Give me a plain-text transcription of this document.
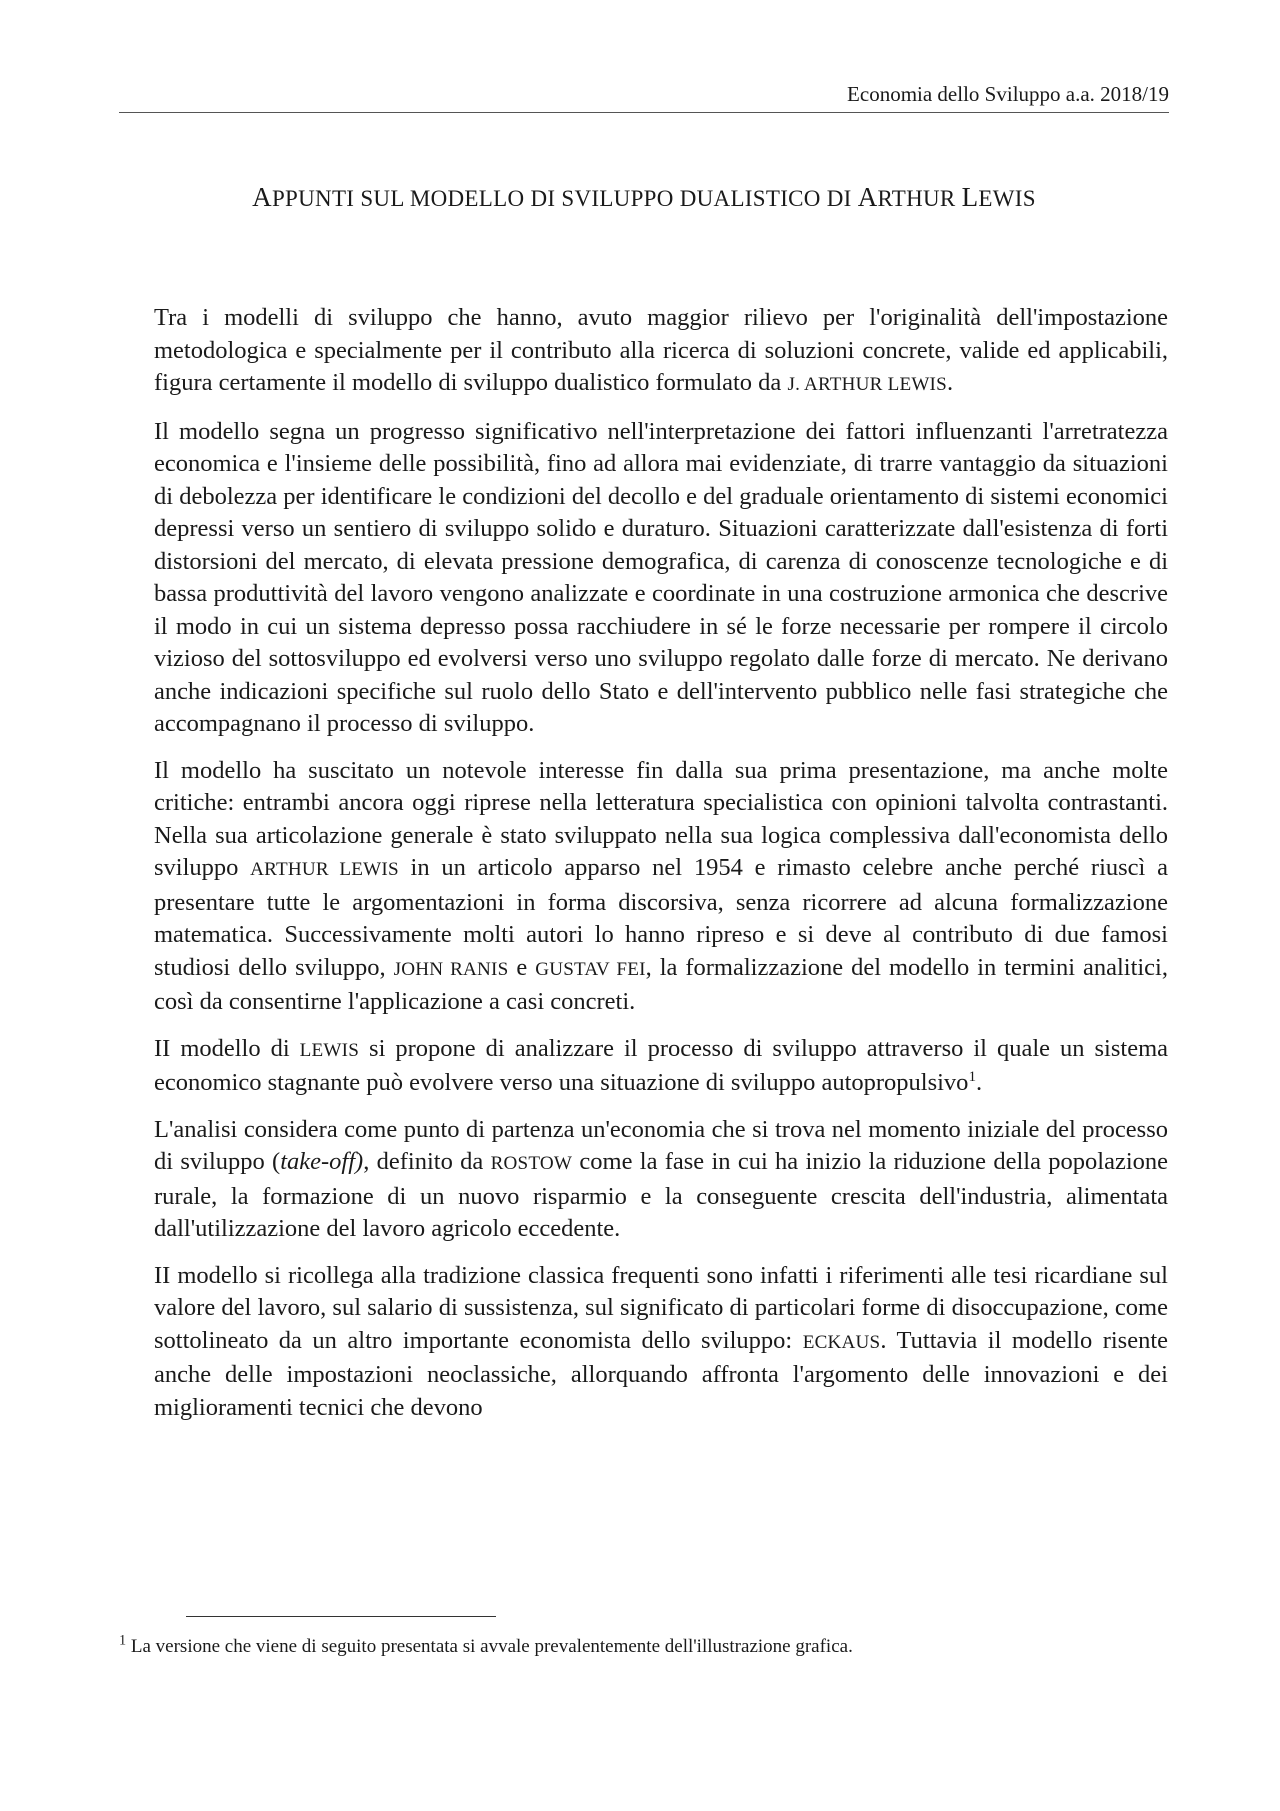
Economia dello Sviluppo a.a. 2018/19
APPUNTI SUL MODELLO DI SVILUPPO DUALISTICO DI ARTHUR LEWIS

Tra i modelli di sviluppo che hanno, avuto maggior rilievo per l'originalità dell'impostazione metodologica e specialmente per il contributo alla ricerca di soluzioni concrete, valide ed applicabili, figura certamente il modello di sviluppo dualistico formulato da J. ARTHUR LEWIS.

Il modello segna un progresso significativo nell'interpretazione dei fattori influenzanti l'arretratezza economica e l'insieme delle possibilità, fino ad allora mai evidenziate, di trarre vantaggio da situazioni di debolezza per identificare le condizioni del decollo e del graduale orientamento di sistemi economici depressi verso un sentiero di sviluppo solido e duraturo. Situazioni caratterizzate dall'esistenza di forti distorsioni del mercato, di elevata pressione demografica, di carenza di conoscenze tecnologiche e di bassa produttività del lavoro vengono analizzate e coordinate in una costruzione armonica che descrive il modo in cui un sistema depresso possa racchiudere in sé le forze necessarie per rompere il circolo vizioso del sottosviluppo ed evolversi verso uno sviluppo regolato dalle forze di mercato. Ne derivano anche indicazioni specifiche sul ruolo dello Stato e dell'intervento pubblico nelle fasi strategiche che accompagnano il processo di sviluppo.

Il modello ha suscitato un notevole interesse fin dalla sua prima presentazione, ma anche molte critiche: entrambi ancora oggi riprese nella letteratura specialistica con opinioni talvolta contrastanti. Nella sua articolazione generale è stato sviluppato nella sua logica complessiva dall'economista dello sviluppo ARTHUR LEWIS in un articolo apparso nel 1954 e rimasto celebre anche perché riuscì a presentare tutte le argomentazioni in forma discorsiva, senza ricorrere ad alcuna formalizzazione matematica. Successivamente molti autori lo hanno ripreso e si deve al contributo di due famosi studiosi dello sviluppo, JOHN RANIS e GUSTAV FEI, la formalizzazione del modello in termini analitici, così da consentirne l'applicazione a casi concreti.

II modello di LEWIS si propone di analizzare il processo di sviluppo attraverso il quale un sistema economico stagnante può evolvere verso una situazione di sviluppo autopropulsivo$^1$.

L'analisi considera come punto di partenza un'economia che si trova nel momento iniziale del processo di sviluppo (take-off), definito da ROSTOW come la fase in cui ha inizio la riduzione della popolazione rurale, la formazione di un nuovo risparmio e la conseguente crescita dell'industria, alimentata dall'utilizzazione del lavoro agricolo eccedente.

II modello si ricollega alla tradizione classica frequenti sono infatti i riferimenti alle tesi ricardiane sul valore del lavoro, sul salario di sussistenza, sul significato di particolari forme di disoccupazione, come sottolineato da un altro importante economista dello sviluppo: ECKAUS. Tuttavia il modello risente anche delle impostazioni neoclassiche, allorquando affronta l'argomento delle innovazioni e dei miglioramenti tecnici che devono

$^1$ La versione che viene di seguito presentata si avvale prevalentemente dell'illustrazione grafica.
